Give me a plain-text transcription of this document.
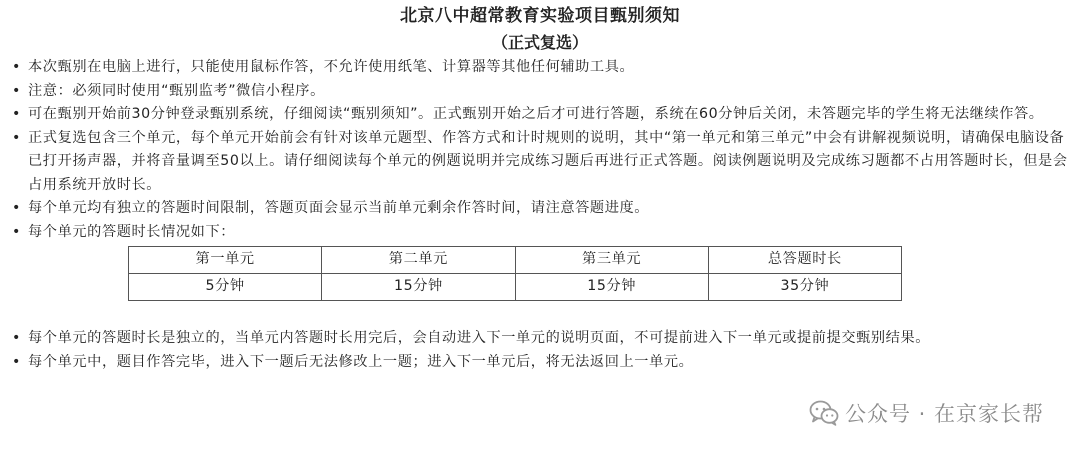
北京八中超常教育实验项目甄别须知
（正式复选）
• 本次甄别在电脑上进行，只能使用鼠标作答，不允许使用纸笔、计算器等其他任何辅助工具。
• 注意：必须同时使用“甄别监考”微信小程序。
• 可在甄别开始前30分钟登录甄别系统，仔细阅读“甄别须知”。正式甄别开始之后才可进行答题，系统在60分钟后关闭，未答题完毕的学生将无法继续作答。
• 正式复选包含三个单元，每个单元开始前会有针对该单元题型、作答方式和计时规则的说明，其中“第一单元和第三单元”中会有讲解视频说明，请确保电脑设备已打开扬声器，并将音量调至50以上。请仔细阅读每个单元的例题说明并完成练习题后再进行正式答题。阅读例题说明及完成练习题都不占用答题时长，但是会占用系统开放时长。
• 每个单元均有独立的答题时间限制，答题页面会显示当前单元剩余作答时间，请注意答题进度。
• 每个单元的答题时长情况如下：
第一单元	第二单元	第三单元	总答题时长
5分钟	15分钟	15分钟	35分钟
• 每个单元的答题时长是独立的，当单元内答题时长用完后，会自动进入下一单元的说明页面，不可提前进入下一单元或提前提交甄别结果。
• 每个单元中，题目作答完毕，进入下一题后无法修改上一题；进入下一单元后，将无法返回上一单元。
公众号 · 在京家长帮
